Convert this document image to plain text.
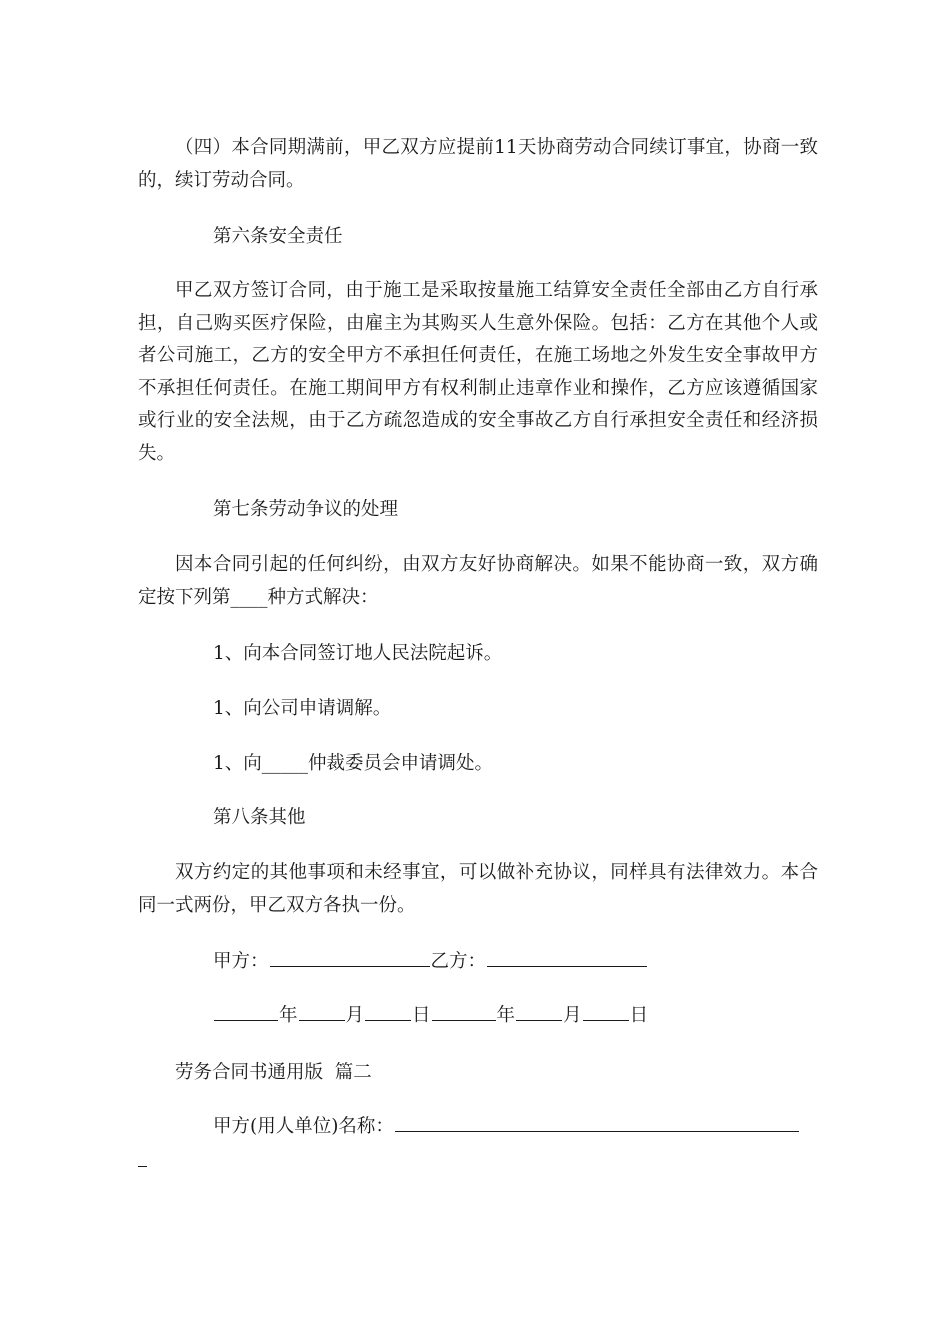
（四）本合同期满前，甲乙双方应提前11天协商劳动合同续订事宜，协商一致的，续订劳动合同。

第六条安全责任

甲乙双方签订合同，由于施工是采取按量施工结算安全责任全部由乙方自行承担，自己购买医疗保险，由雇主为其购买人生意外保险。包括：乙方在其他个人或者公司施工，乙方的安全甲方不承担任何责任，在施工场地之外发生安全事故甲方不承担任何责任。在施工期间甲方有权利制止违章作业和操作，乙方应该遵循国家或行业的安全法规，由于乙方疏忽造成的安全事故乙方自行承担安全责任和经济损失。

第七条劳动争议的处理

因本合同引起的任何纠纷，由双方友好协商解决。如果不能协商一致，双方确定按下列第____种方式解决：

1、向本合同签订地人民法院起诉。

1、向公司申请调解。

1、向_____仲裁委员会申请调处。

第八条其他

双方约定的其他事项和未经事宜，可以做补充协议，同样具有法律效力。本合同一式两份，甲乙双方各执一份。

甲方：	乙方：
年	月	日	年	月	日

劳务合同书通用版  篇二

甲方(用人单位)名称：
